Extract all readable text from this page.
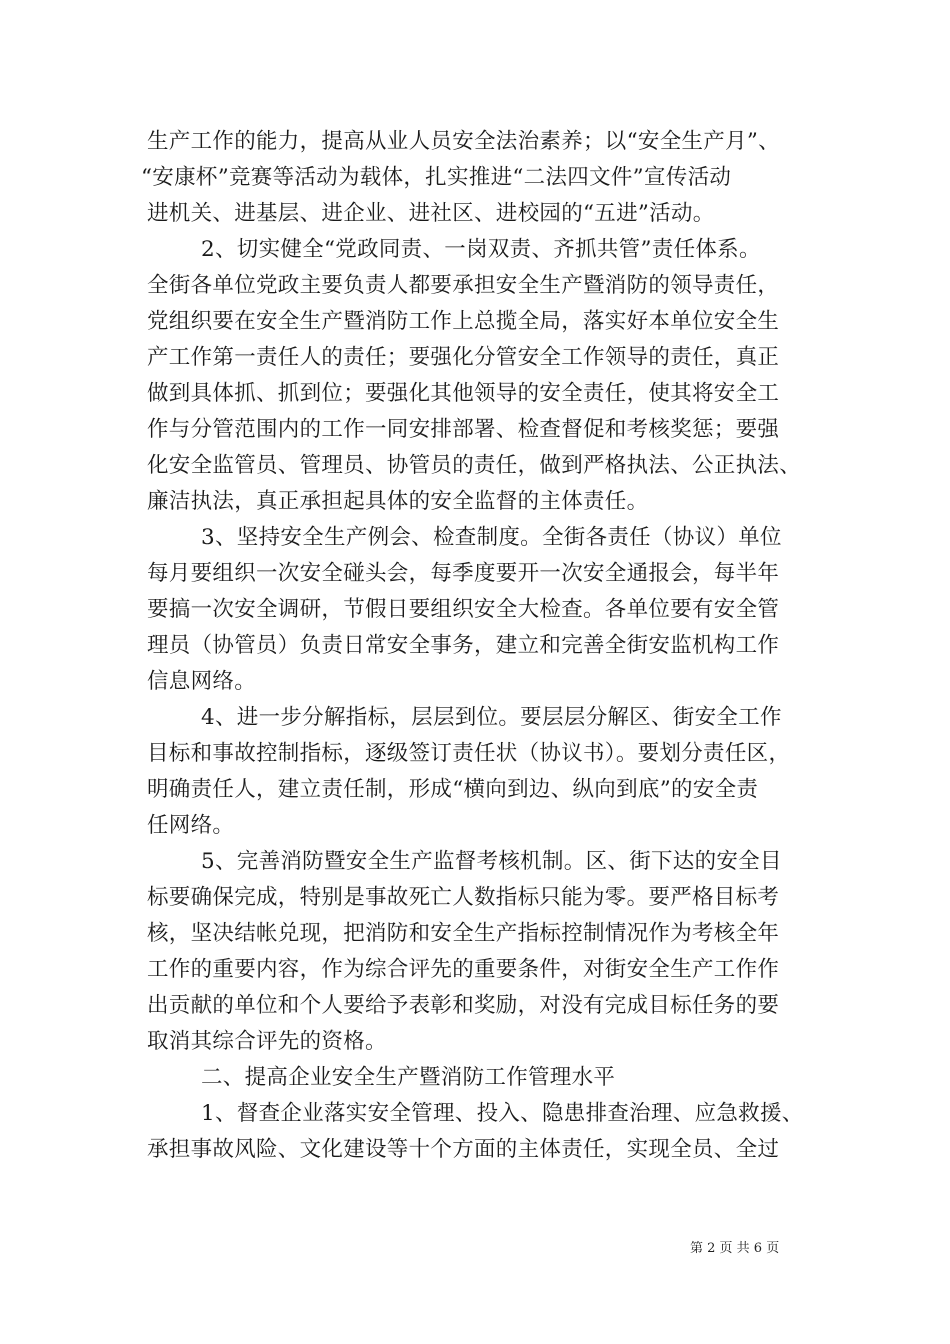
生产工作的能力，提高从业人员安全法治素养；以“安全生产月”、
“安康杯”竞赛等活动为载体，扎实推进“二法四文件”宣传活动
进机关、进基层、进企业、进社区、进校园的“五进”活动。
2、切实健全“党政同责、一岗双责、齐抓共管”责任体系。
全街各单位党政主要负责人都要承担安全生产暨消防的领导责任，
党组织要在安全生产暨消防工作上总揽全局，落实好本单位安全生
产工作第一责任人的责任；要强化分管安全工作领导的责任，真正
做到具体抓、抓到位；要强化其他领导的安全责任，使其将安全工
作与分管范围内的工作一同安排部署、检查督促和考核奖惩；要强
化安全监管员、管理员、协管员的责任，做到严格执法、公正执法、
廉洁执法，真正承担起具体的安全监督的主体责任。
3、坚持安全生产例会、检查制度。全街各责任（协议）单位
每月要组织一次安全碰头会，每季度要开一次安全通报会，每半年
要搞一次安全调研，节假日要组织安全大检查。各单位要有安全管
理员（协管员）负责日常安全事务，建立和完善全街安监机构工作
信息网络。
4、进一步分解指标，层层到位。要层层分解区、街安全工作
目标和事故控制指标，逐级签订责任状（协议书）。要划分责任区，
明确责任人，建立责任制，形成“横向到边、纵向到底”的安全责
任网络。
5、完善消防暨安全生产监督考核机制。区、街下达的安全目
标要确保完成，特别是事故死亡人数指标只能为零。要严格目标考
核，坚决结帐兑现，把消防和安全生产指标控制情况作为考核全年
工作的重要内容，作为综合评先的重要条件，对街安全生产工作作
出贡献的单位和个人要给予表彰和奖励，对没有完成目标任务的要
取消其综合评先的资格。
二、提高企业安全生产暨消防工作管理水平
1、督查企业落实安全管理、投入、隐患排查治理、应急救援、
承担事故风险、文化建设等十个方面的主体责任，实现全员、全过
第 2 页 共 6 页
